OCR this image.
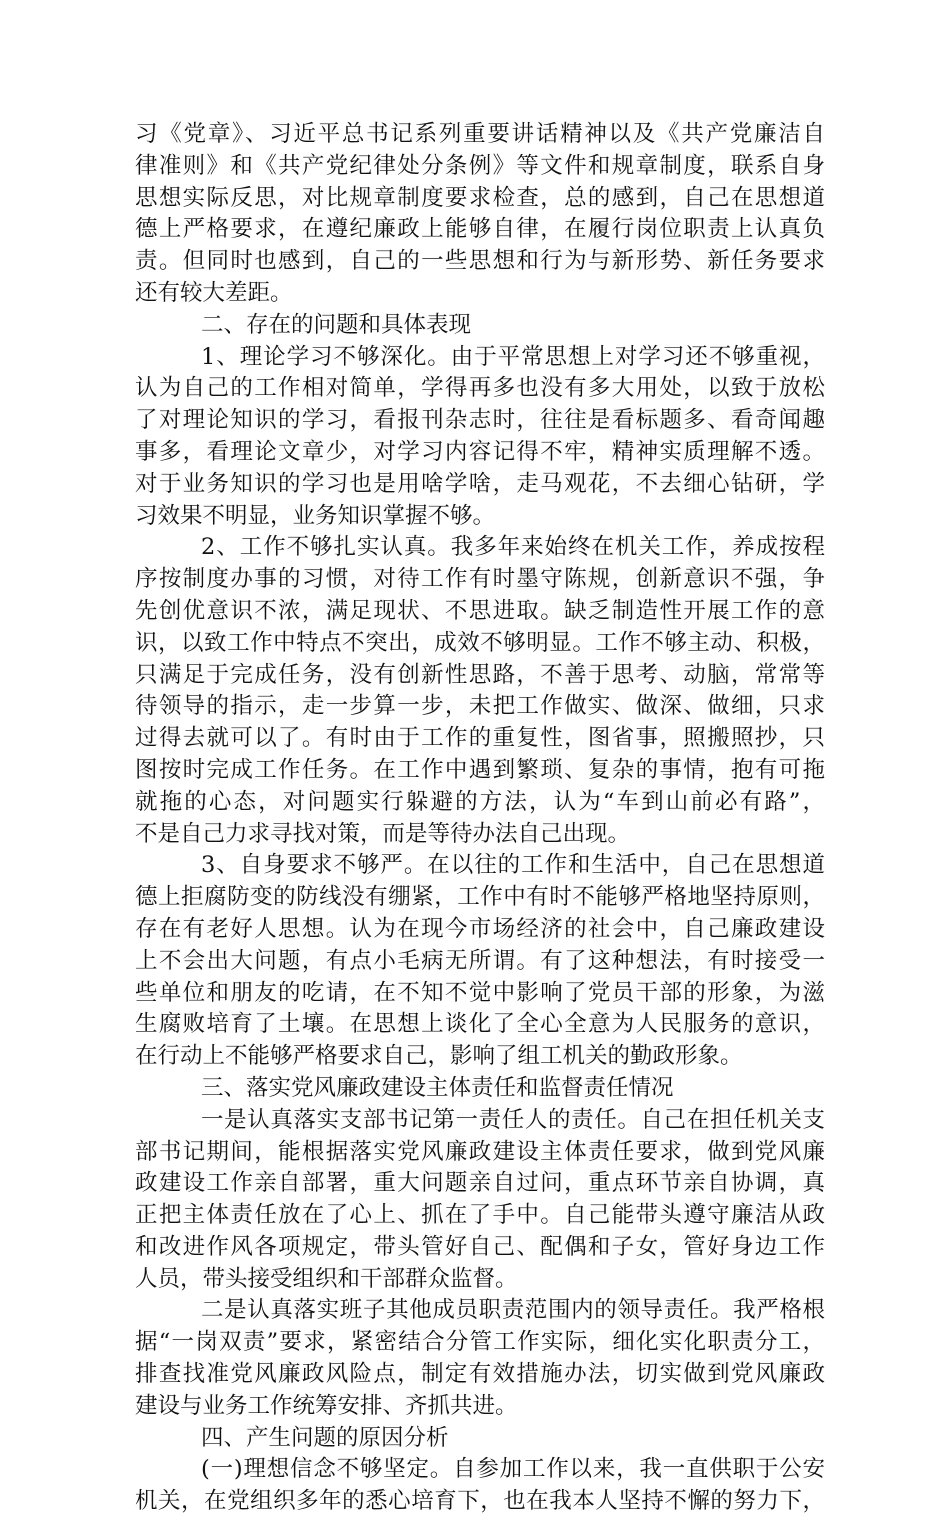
习《党章》、习近平总书记系列重要讲话精神以及《共产党廉洁自
律准则》和《共产党纪律处分条例》等文件和规章制度，联系自身
思想实际反思，对比规章制度要求检查，总的感到，自己在思想道
德上严格要求，在遵纪廉政上能够自律，在履行岗位职责上认真负
责。但同时也感到，自己的一些思想和行为与新形势、新任务要求
还有较大差距。
二、存在的问题和具体表现
1、理论学习不够深化。由于平常思想上对学习还不够重视，
认为自己的工作相对简单，学得再多也没有多大用处，以致于放松
了对理论知识的学习，看报刊杂志时，往往是看标题多、看奇闻趣
事多，看理论文章少，对学习内容记得不牢，精神实质理解不透。
对于业务知识的学习也是用啥学啥，走马观花，不去细心钻研，学
习效果不明显，业务知识掌握不够。
2、工作不够扎实认真。我多年来始终在机关工作，养成按程
序按制度办事的习惯，对待工作有时墨守陈规，创新意识不强，争
先创优意识不浓，满足现状、不思进取。缺乏制造性开展工作的意
识，以致工作中特点不突出，成效不够明显。工作不够主动、积极，
只满足于完成任务，没有创新性思路，不善于思考、动脑，常常等
待领导的指示，走一步算一步，未把工作做实、做深、做细，只求
过得去就可以了。有时由于工作的重复性，图省事，照搬照抄，只
图按时完成工作任务。在工作中遇到繁琐、复杂的事情，抱有可拖
就拖的心态，对问题实行躲避的方法，认为“车到山前必有路”，
不是自己力求寻找对策，而是等待办法自己出现。
3、自身要求不够严。在以往的工作和生活中，自己在思想道
德上拒腐防变的防线没有绷紧，工作中有时不能够严格地坚持原则，
存在有老好人思想。认为在现今市场经济的社会中，自己廉政建设
上不会出大问题，有点小毛病无所谓。有了这种想法，有时接受一
些单位和朋友的吃请，在不知不觉中影响了党员干部的形象，为滋
生腐败培育了土壤。在思想上谈化了全心全意为人民服务的意识，
在行动上不能够严格要求自己，影响了组工机关的勤政形象。
三、落实党风廉政建设主体责任和监督责任情况
一是认真落实支部书记第一责任人的责任。自己在担任机关支
部书记期间，能根据落实党风廉政建设主体责任要求，做到党风廉
政建设工作亲自部署，重大问题亲自过问，重点环节亲自协调，真
正把主体责任放在了心上、抓在了手中。自己能带头遵守廉洁从政
和改进作风各项规定，带头管好自己、配偶和子女，管好身边工作
人员，带头接受组织和干部群众监督。
二是认真落实班子其他成员职责范围内的领导责任。我严格根
据“一岗双责”要求，紧密结合分管工作实际，细化实化职责分工，
排查找准党风廉政风险点，制定有效措施办法，切实做到党风廉政
建设与业务工作统筹安排、齐抓共进。
四、产生问题的原因分析
(一)理想信念不够坚定。自参加工作以来，我一直供职于公安
机关，在党组织多年的悉心培育下，也在我本人坚持不懈的努力下，
